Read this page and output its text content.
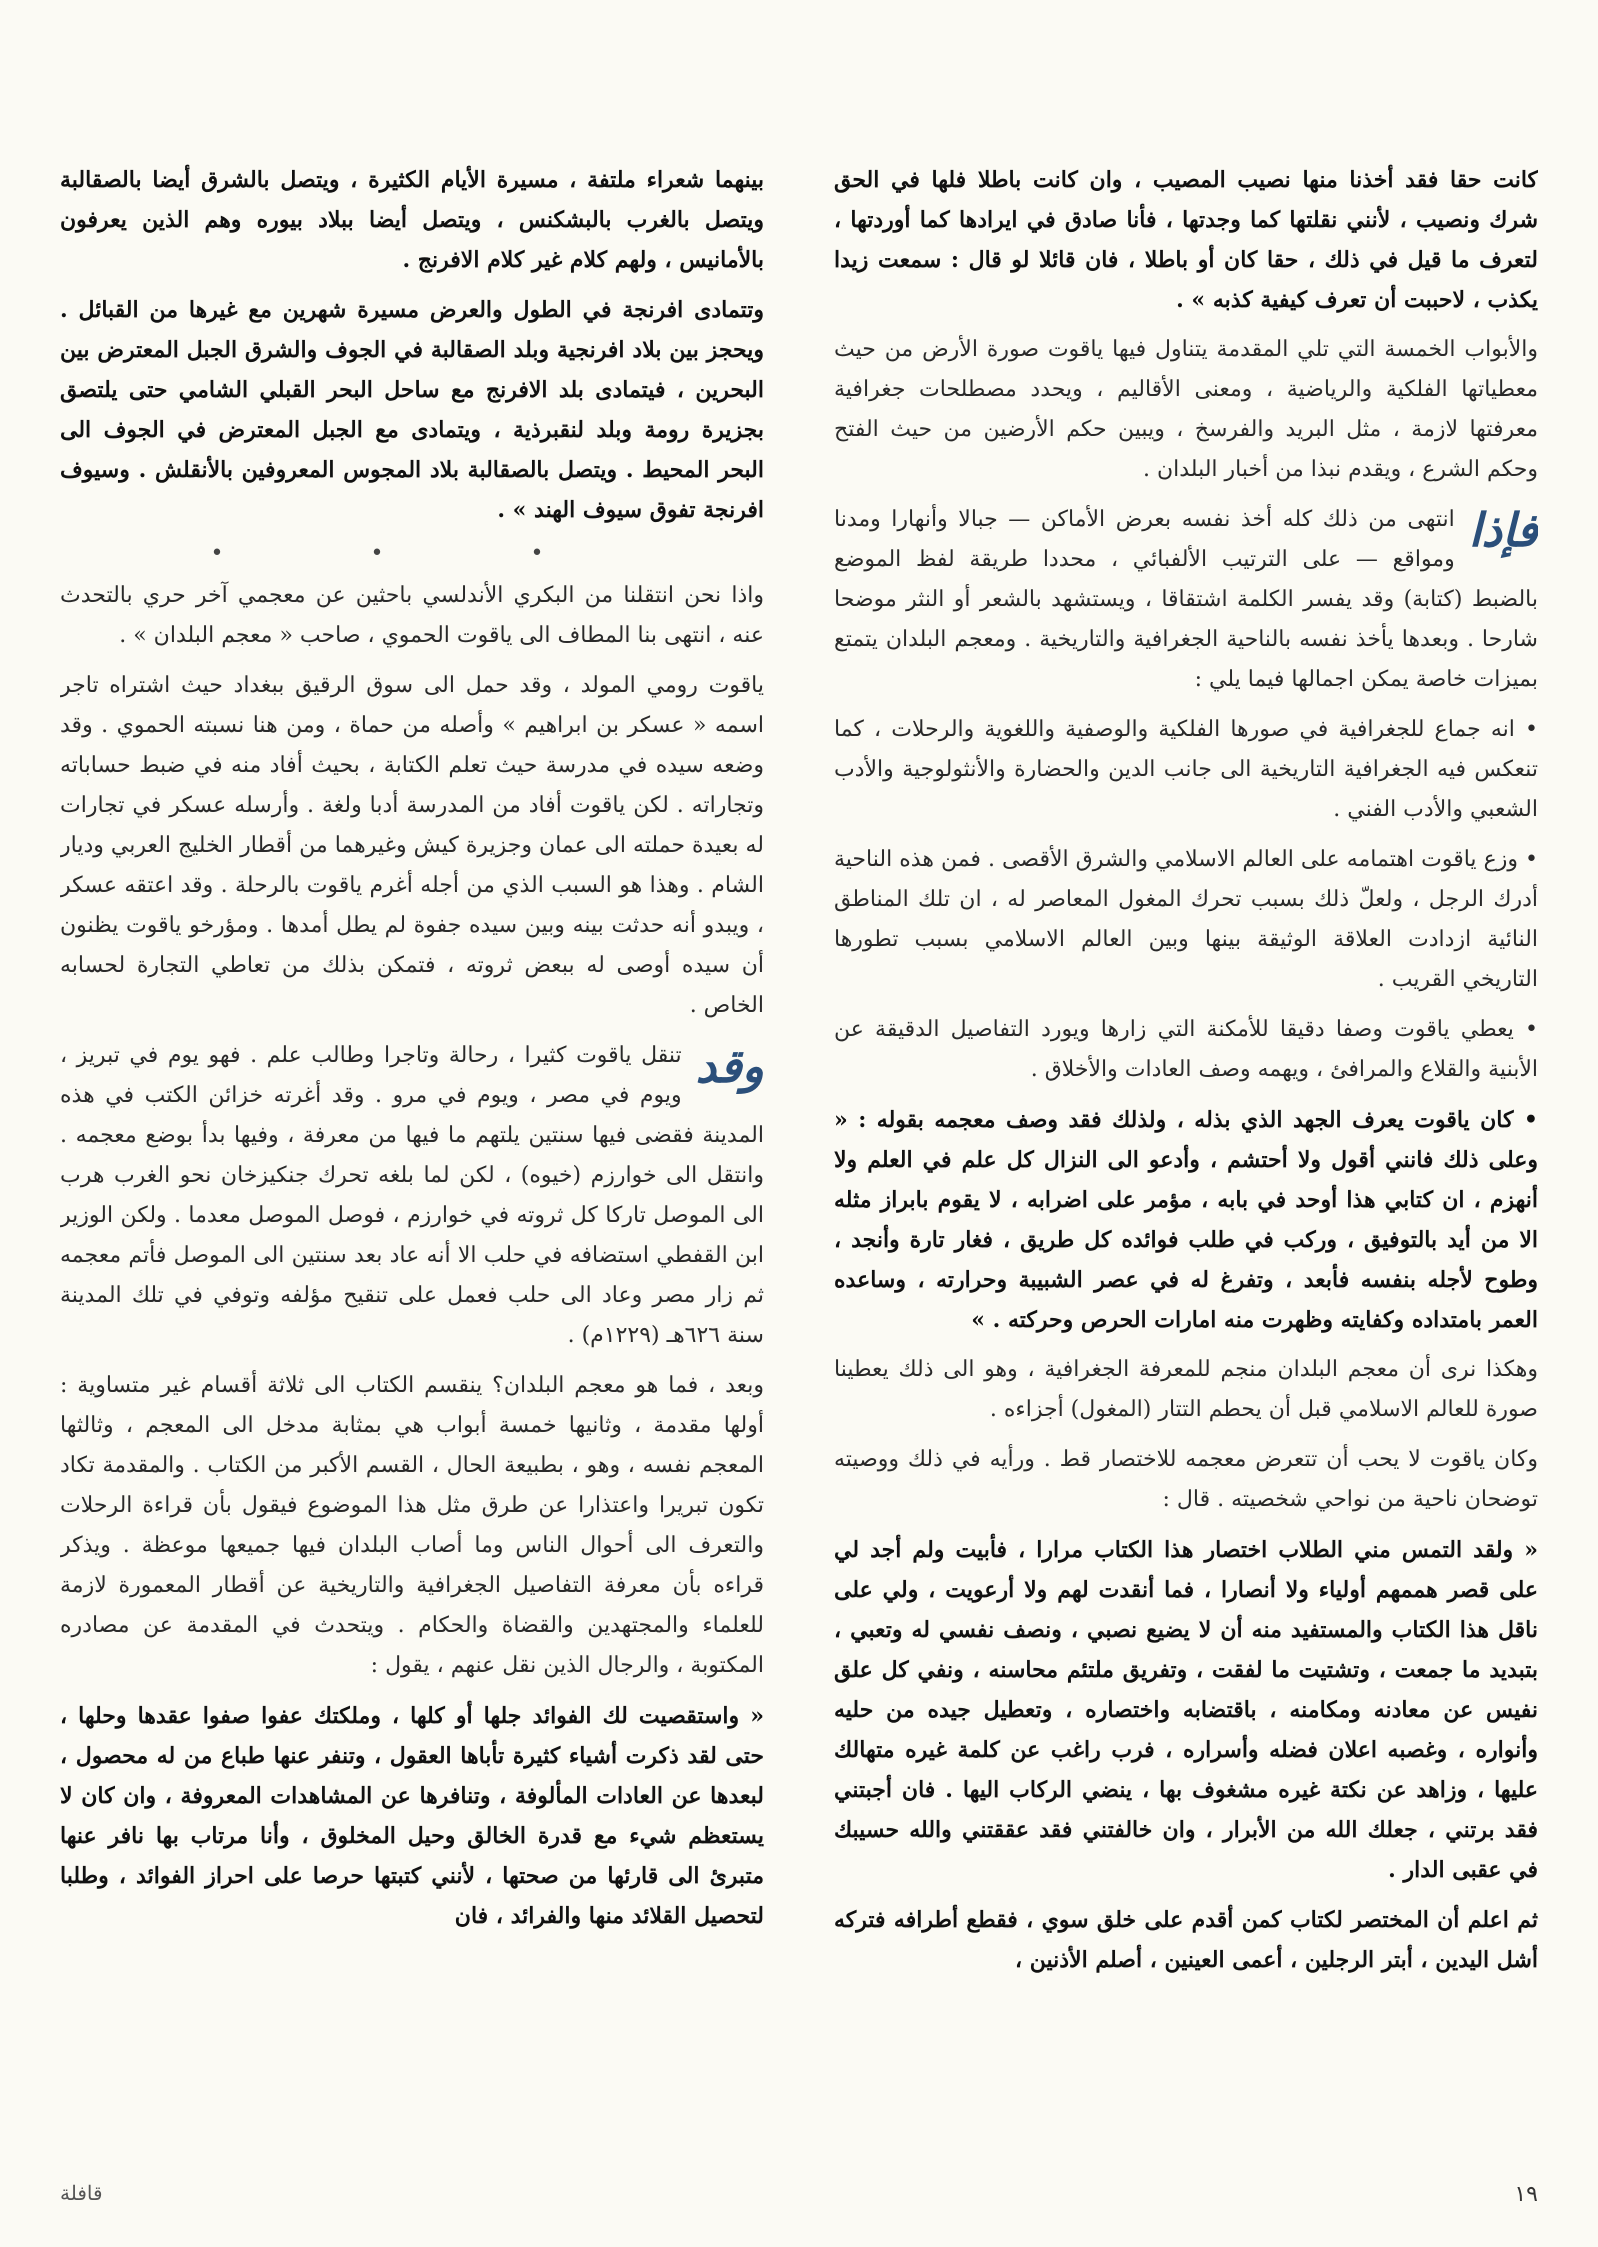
بينهما شعراء ملتفة ، مسيرة الأيام الكثيرة ، ويتصل بالشرق أيضا بالصقالبة ويتصل بالغرب بالبشكنس ، ويتصل أيضا ببلاد بيوره وهم الذين يعرفون بالأمانيس ، ولهم كلام غير كلام الافرنج .

وتتمادى افرنجة في الطول والعرض مسيرة شهرين مع غيرها من القبائل . ويحجز بين بلاد افرنجية وبلد الصقالبة في الجوف والشرق الجبل المعترض بين البحرين ، فيتمادى بلد الافرنج مع ساحل البحر القبلي الشامي حتى يلتصق بجزيرة رومة وبلد لنقبرذية ، ويتمادى مع الجبل المعترض في الجوف الى البحر المحيط . ويتصل بالصقالبة بلاد المجوس المعروفين بالأنقلش . وسيوف افرنجة تفوق سيوف الهند » .

• • •

واذا نحن انتقلنا من البكري الأندلسي باحثين عن معجمي آخر حري بالتحدث عنه ، انتهى بنا المطاف الى ياقوت الحموي ، صاحب « معجم البلدان » .

ياقوت رومي المولد ، وقد حمل الى سوق الرقيق ببغداد حيث اشتراه تاجر اسمه « عسكر بن ابراهيم » وأصله من حماة ، ومن هنا نسبته الحموي . وقد وضعه سيده في مدرسة حيث تعلم الكتابة ، بحيث أفاد منه في ضبط حساباته وتجاراته . لكن ياقوت أفاد من المدرسة أدبا ولغة . وأرسله عسكر في تجارات له بعيدة حملته الى عمان وجزيرة كيش وغيرهما من أقطار الخليج العربي وديار الشام . وهذا هو السبب الذي من أجله أغرم ياقوت بالرحلة . وقد اعتقه عسكر ، ويبدو أنه حدثت بينه وبين سيده جفوة لم يطل أمدها . ومؤرخو ياقوت يظنون أن سيده أوصى له ببعض ثروته ، فتمكن بذلك من تعاطي التجارة لحسابه الخاص .

وقد
تنقل ياقوت كثيرا ، رحالة وتاجرا وطالب علم . فهو يوم في تبريز ، ويوم في مصر ، ويوم في مرو . وقد أغرته خزائن الكتب في هذه المدينة فقضى فيها سنتين يلتهم ما فيها من معرفة ، وفيها بدأ بوضع معجمه . وانتقل الى خوارزم (خيوه) ، لكن لما بلغه تحرك جنكيزخان نحو الغرب هرب الى الموصل تاركا كل ثروته في خوارزم ، فوصل الموصل معدما . ولكن الوزير ابن القفطي استضافه في حلب الا أنه عاد بعد سنتين الى الموصل فأتم معجمه ثم زار مصر وعاد الى حلب فعمل على تنقيح مؤلفه وتوفي في تلك المدينة سنة ٦٢٦هـ (١٢٢٩م) .

وبعد ، فما هو معجم البلدان؟ ينقسم الكتاب الى ثلاثة أقسام غير متساوية : أولها مقدمة ، وثانيها خمسة أبواب هي بمثابة مدخل الى المعجم ، وثالثها المعجم نفسه ، وهو ، بطبيعة الحال ، القسم الأكبر من الكتاب . والمقدمة تكاد تكون تبريرا واعتذارا عن طرق مثل هذا الموضوع فيقول بأن قراءة الرحلات والتعرف الى أحوال الناس وما أصاب البلدان فيها جميعها موعظة . ويذكر قراءه بأن معرفة التفاصيل الجغرافية والتاريخية عن أقطار المعمورة لازمة للعلماء والمجتهدين والقضاة والحكام . ويتحدث في المقدمة عن مصادره المكتوبة ، والرجال الذين نقل عنهم ، يقول :

« واستقصيت لك الفوائد جلها أو كلها ، وملكتك عفوا صفوا عقدها وحلها ، حتى لقد ذكرت أشياء كثيرة تأباها العقول ، وتنفر عنها طباع من له محصول ، لبعدها عن العادات المألوفة ، وتنافرها عن المشاهدات المعروفة ، وان كان لا يستعظم شيء مع قدرة الخالق وحيل المخلوق ، وأنا مرتاب بها نافر عنها متبرئ الى قارئها من صحتها ، لأنني كتبتها حرصا على احراز الفوائد ، وطلبا لتحصيل القلائد منها والفرائد ، فان

كانت حقا فقد أخذنا منها نصيب المصيب ، وان كانت باطلا فلها في الحق شرك ونصيب ، لأنني نقلتها كما وجدتها ، فأنا صادق في ايرادها كما أوردتها ، لتعرف ما قيل في ذلك ، حقا كان أو باطلا ، فان قائلا لو قال : سمعت زيدا يكذب ، لاحببت أن تعرف كيفية كذبه » .

والأبواب الخمسة التي تلي المقدمة يتناول فيها ياقوت صورة الأرض من حيث معطياتها الفلكية والرياضية ، ومعنى الأقاليم ، ويحدد مصطلحات جغرافية معرفتها لازمة ، مثل البريد والفرسخ ، ويبين حكم الأرضين من حيث الفتح وحكم الشرع ، ويقدم نبذا من أخبار البلدان .

فإذا
انتهى من ذلك كله أخذ نفسه بعرض الأماكن — جبالا وأنهارا ومدنا ومواقع — على الترتيب الألفبائي ، محددا طريقة لفظ الموضع بالضبط (كتابة) وقد يفسر الكلمة اشتقاقا ، ويستشهد بالشعر أو النثر موضحا شارحا . وبعدها يأخذ نفسه بالناحية الجغرافية والتاريخية . ومعجم البلدان يتمتع بميزات خاصة يمكن اجمالها فيما يلي :

• انه جماع للجغرافية في صورها الفلكية والوصفية واللغوية والرحلات ، كما تنعكس فيه الجغرافية التاريخية الى جانب الدين والحضارة والأنثولوجية والأدب الشعبي والأدب الفني .

• وزع ياقوت اهتمامه على العالم الاسلامي والشرق الأقصى . فمن هذه الناحية أدرك الرجل ، ولعلّ ذلك بسبب تحرك المغول المعاصر له ، ان تلك المناطق النائية ازدادت العلاقة الوثيقة بينها وبين العالم الاسلامي بسبب تطورها التاريخي القريب .

• يعطي ياقوت وصفا دقيقا للأمكنة التي زارها ويورد التفاصيل الدقيقة عن الأبنية والقلاع والمرافئ ، ويهمه وصف العادات والأخلاق .

• كان ياقوت يعرف الجهد الذي بذله ، ولذلك فقد وصف معجمه بقوله : « وعلى ذلك فانني أقول ولا أحتشم ، وأدعو الى النزال كل علم في العلم ولا أنهزم ، ان كتابي هذا أوحد في بابه ، مؤمر على اضرابه ، لا يقوم بابراز مثله الا من أيد بالتوفيق ، وركب في طلب فوائده كل طريق ، فغار تارة وأنجد ، وطوح لأجله بنفسه فأبعد ، وتفرغ له في عصر الشبيبة وحرارته ، وساعده العمر بامتداده وكفايته وظهرت منه امارات الحرص وحركته . »

وهكذا نرى أن معجم البلدان منجم للمعرفة الجغرافية ، وهو الى ذلك يعطينا صورة للعالم الاسلامي قبل أن يحطم التتار (المغول) أجزاءه .

وكان ياقوت لا يحب أن تتعرض معجمه للاختصار قط . ورأيه في ذلك ووصيته توضحان ناحية من نواحي شخصيته . قال :

« ولقد التمس مني الطلاب اختصار هذا الكتاب مرارا ، فأبيت ولم أجد لي على قصر هممهم أولياء ولا أنصارا ، فما أنقدت لهم ولا أرعويت ، ولي على ناقل هذا الكتاب والمستفيد منه أن لا يضيع نصبي ، ونصف نفسي له وتعبي ، بتبديد ما جمعت ، وتشتيت ما لفقت ، وتفريق ملتئم محاسنه ، ونفي كل علق نفيس عن معادنه ومكامنه ، باقتضابه واختصاره ، وتعطيل جيده من حليه وأنواره ، وغصبه اعلان فضله وأسراره ، فرب راغب عن كلمة غيره متهالك عليها ، وزاهد عن نكتة غيره مشغوف بها ، ينضي الركاب اليها . فان أجبتني فقد برتني ، جعلك الله من الأبرار ، وان خالفتني فقد عققتني والله حسيبك في عقبى الدار .

ثم اعلم أن المختصر لكتاب كمن أقدم على خلق سوي ، فقطع أطرافه فتركه أشل اليدين ، أبتر الرجلين ، أعمى العينين ، أصلم الأذنين ،

١٩
قافلة
